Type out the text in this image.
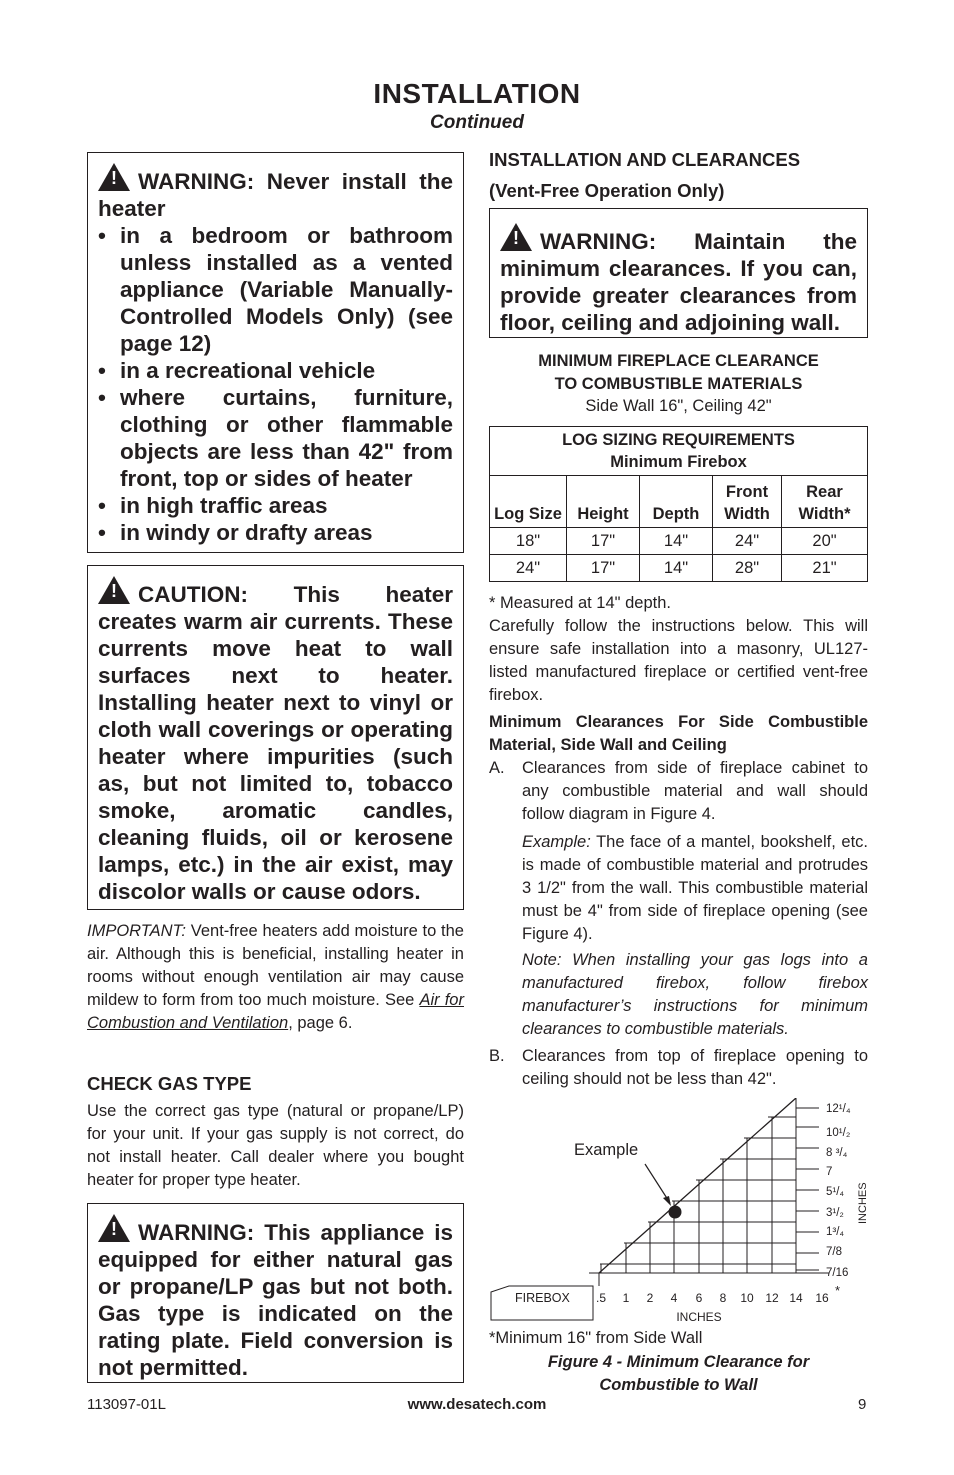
INSTALLATION
Continued
! WARNING: Never install the heater
• in a bedroom or bathroom unless installed as a vented appliance (Variable Manually-Controlled Models Only) (see page 12)
• in a recreational vehicle
• where curtains, furniture, clothing or other flammable objects are less than 42" from front, top or sides of heater
• in high traffic areas
• in windy or drafty areas
! CAUTION: This heater creates warm air currents. These currents move heat to wall surfaces next to heater. Installing heater next to vinyl or cloth wall coverings or operating heater where impurities (such as, but not limited to, tobacco smoke, aromatic candles, cleaning fluids, oil or kerosene lamps, etc.) in the air exist, may discolor walls or cause odors.
IMPORTANT: Vent-free heaters add moisture to the air. Although this is beneficial, installing heater in rooms without enough ventilation air may cause mildew to form from too much moisture. See Air for Combustion and Ventilation, page 6.
CHECK GAS TYPE
Use the correct gas type (natural or propane/LP) for your unit. If your gas supply is not correct, do not install heater. Call dealer where you bought heater for proper type heater.
! WARNING: This appliance is equipped for either natural gas or propane/LP gas but not both. Gas type is indicated on the rating plate. Field conversion is not permitted.
INSTALLATION AND CLEARANCES
(Vent-Free Operation Only)
! WARNING: Maintain the minimum clearances. If you can, provide greater clearances from floor, ceiling and adjoining wall.
MINIMUM FIREPLACE CLEARANCE
TO COMBUSTIBLE MATERIALS
Side Wall 16", Ceiling 42"
LOG SIZING REQUIREMENTS
Minimum Firebox				

Log Size	Height	Depth	Front Width	Rear Width*
18"	17"	14"	24"	20"
24"	17"	14"	28"	21"
* Measured at 14" depth.
Carefully follow the instructions below. This will ensure safe installation into a masonry, UL127-listed manufactured fireplace or certified vent-free firebox.
Minimum Clearances For Side Combustible Material, Side Wall and Ceiling
A.	Clearances from side of fireplace cabinet to any combustible material and wall should follow diagram in Figure 4.
Example: The face of a mantel, bookshelf, etc. is made of combustible material and protrudes 3 1/2" from the wall. This combustible material must be 4" from side of fireplace opening (see Figure 4).
Note: When installing your gas logs into a manufactured firebox, follow firebox manufacturer’s instructions for minimum clearances to combustible materials.
B.	Clearances from top of fireplace opening to ceiling should not be less than 42".
FIREBOX
Example
.5 1 2 4 6 8 10 12 14 16 *
INCHES
12¹/₄
10¹/₂
8 ³/₄
7
5¹/₄
3¹/₂
1³/₄
7/8
7/16
INCHES
*Minimum 16" from Side Wall
Figure 4 - Minimum Clearance for
Combustible to Wall
113097-01L	www.desatech.com	9
